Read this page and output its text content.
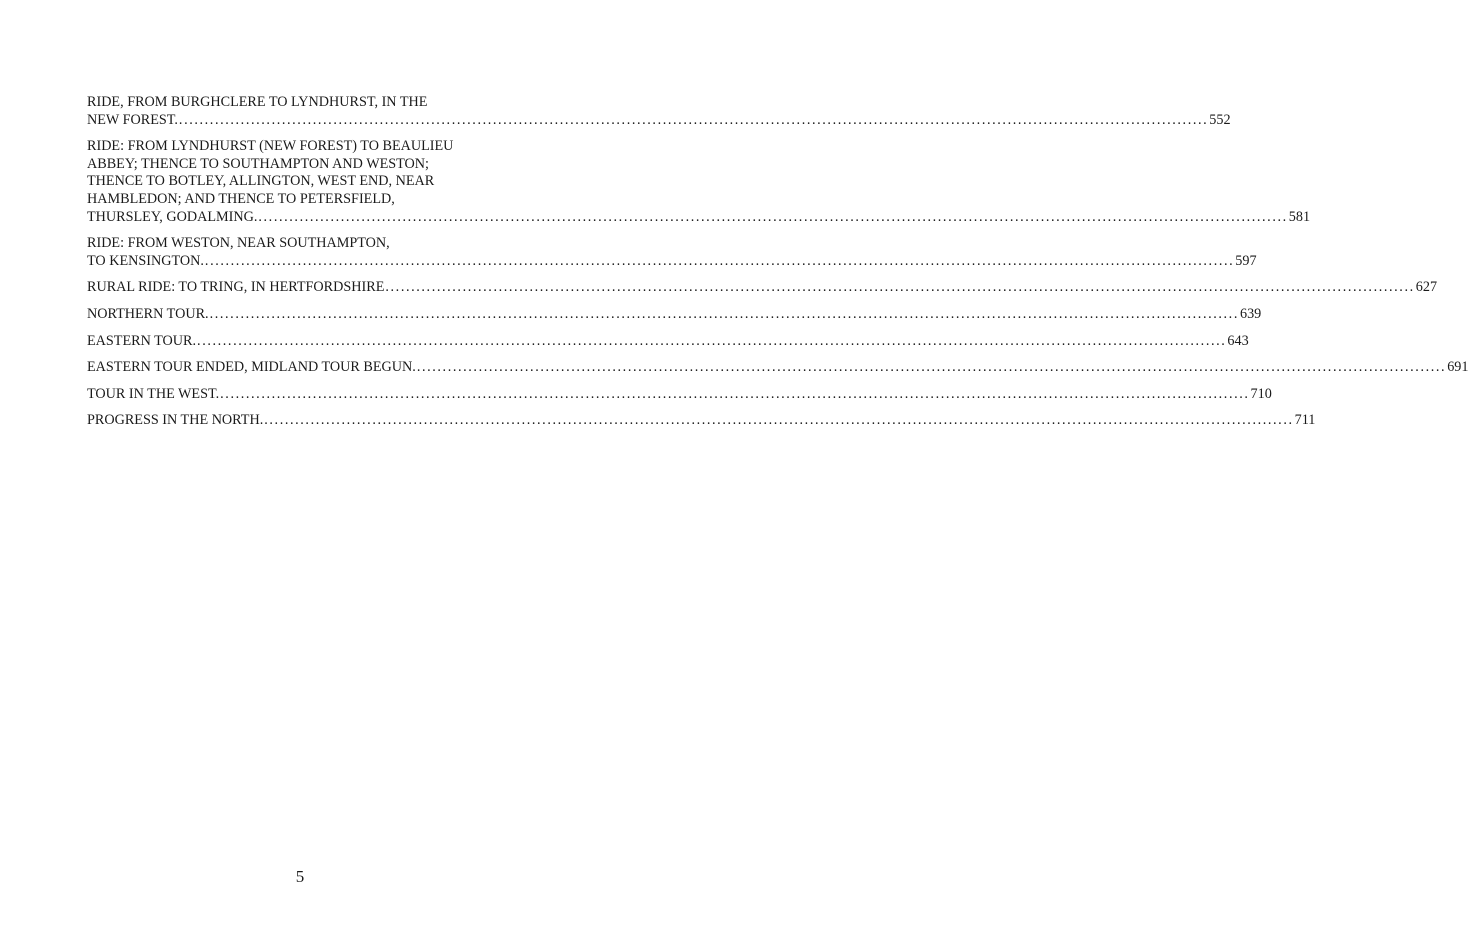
RIDE, FROM BURGHCLERE TO LYNDHURST, IN THE
NEW FOREST. ........................................................................................................................................................................................................ 552
RIDE: FROM LYNDHURST (NEW FOREST) TO BEAULIEU
ABBEY; THENCE TO SOUTHAMPTON AND WESTON;
THENCE TO BOTLEY, ALLINGTON, WEST END, NEAR
HAMBLEDON; AND THENCE TO PETERSFIELD,
THURSLEY, GODALMING. ........................................................................................................................................................................................................ 581
RIDE: FROM WESTON, NEAR SOUTHAMPTON,
TO KENSINGTON. ........................................................................................................................................................................................................ 597
RURAL RIDE: TO TRING, IN HERTFORDSHIRE ........................................................................................................................................................................................................ 627
NORTHERN TOUR. ........................................................................................................................................................................................................ 639
EASTERN TOUR. ........................................................................................................................................................................................................ 643
EASTERN TOUR ENDED, MIDLAND TOUR BEGUN. ........................................................................................................................................................................................................ 691
TOUR IN THE WEST. ........................................................................................................................................................................................................ 710
PROGRESS IN THE NORTH. ........................................................................................................................................................................................................ 711
5
